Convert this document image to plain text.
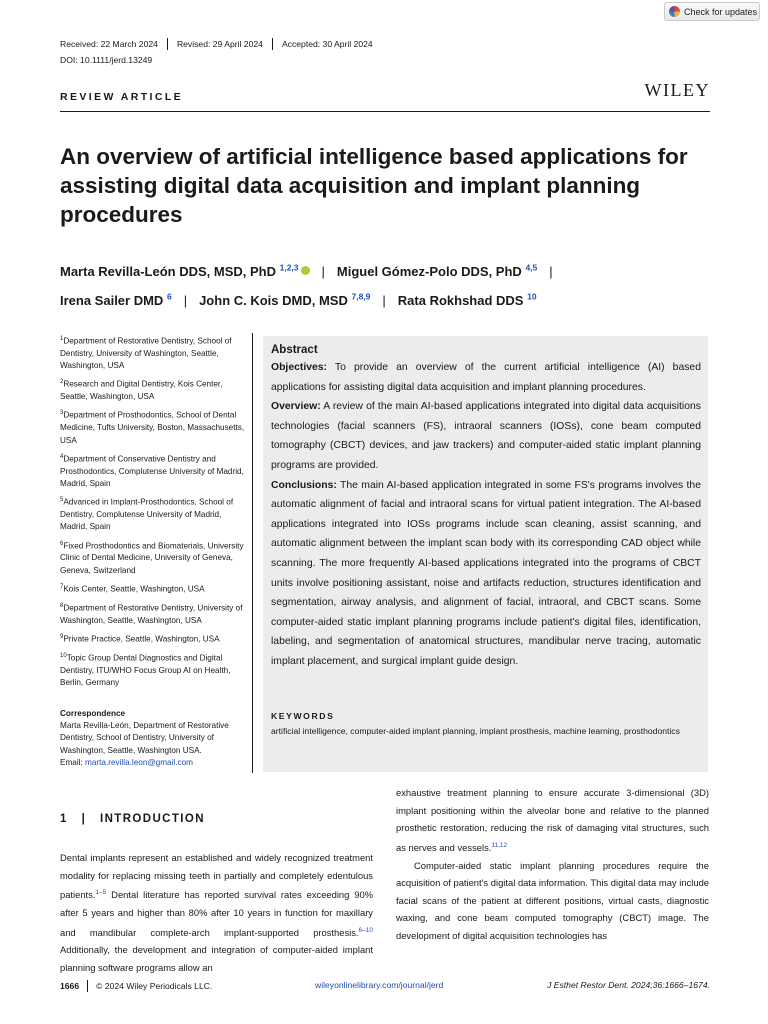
Check for updates
Received: 22 March 2024	Revised: 29 April 2024	Accepted: 30 April 2024
DOI: 10.1111/jerd.13249
REVIEW ARTICLE	WILEY
An overview of artificial intelligence based applications for assisting digital data acquisition and implant planning procedures
Marta Revilla-León DDS, MSD, PhD $^{1,2,3}$ | Miguel Gómez-Polo DDS, PhD $^{4,5}$ |
Irena Sailer DMD $^6$ | John C. Kois DMD, MSD $^{7,8,9}$ | Rata Rokhshad DDS $^{10}$

$^1$Department of Restorative Dentistry, School of Dentistry, University of Washington, Seattle, Washington, USA

$^2$Research and Digital Dentistry, Kois Center, Seattle, Washington, USA

$^3$Department of Prosthodontics, School of Dental Medicine, Tufts University, Boston, Massachusetts, USA

$^4$Department of Conservative Dentistry and Prosthodontics, Complutense University of Madrid, Madrid, Spain

$^5$Advanced in Implant-Prosthodontics, School of Dentistry, Complutense University of Madrid, Madrid, Spain

$^6$Fixed Prosthodontics and Biomaterials, University Clinic of Dental Medicine, University of Geneva, Geneva, Switzerland

$^7$Kois Center, Seattle, Washington, USA

$^8$Department of Restorative Dentistry, University of Washington, Seattle, Washington, USA

$^9$Private Practice, Seattle, Washington, USA

$^{10}$Topic Group Dental Diagnostics and Digital Dentistry, ITU/WHO Focus Group AI on Health, Berlin, Germany

Correspondence
Marta Revilla-León, Department of Restorative Dentistry, School of Dentistry, University of Washington, Seattle, Washington USA.
Email: marta.revilla.leon@gmail.com
Abstract

Objectives: To provide an overview of the current artificial intelligence (AI) based applications for assisting digital data acquisition and implant planning procedures.

Overview: A review of the main AI-based applications integrated into digital data acquisitions technologies (facial scanners (FS), intraoral scanners (IOSs), cone beam computed tomography (CBCT) devices, and jaw trackers) and computer-aided static implant planning programs are provided.

Conclusions: The main AI-based application integrated in some FS's programs involves the automatic alignment of facial and intraoral scans for virtual patient integration. The AI-based applications integrated into IOSs programs include scan cleaning, assist scanning, and automatic alignment between the implant scan body with its corresponding CAD object while scanning. The more frequently AI-based applications integrated into the programs of CBCT units involve positioning assistant, noise and artifacts reduction, structures identification and segmentation, airway analysis, and alignment of facial, intraoral, and CBCT scans. Some computer-aided static implant planning programs include patient's digital files, identification, labeling, and segmentation of anatomical structures, mandibular nerve tracing, automatic implant placement, and surgical implant guide design.

KEYWORDS
artificial intelligence, computer-aided implant planning, implant prosthesis, machine learning, prosthodontics
1   |   INTRODUCTION

Dental implants represent an established and widely recognized treatment modality for replacing missing teeth in partially and completely edentulous patients.$^{1-5}$ Dental literature has reported survival rates exceeding 90% after 5 years and higher than 80% after 10 years in function for maxillary and mandibular complete-arch implant-supported prosthesis.$^{6-10}$ Additionally, the development and integration of computer-aided implant planning software programs allow an

exhaustive treatment planning to ensure accurate 3-dimensional (3D) implant positioning within the alveolar bone and relative to the planned prosthetic restoration, reducing the risk of damaging vital structures, such as nerves and vessels.$^{11,12}$

Computer-aided static implant planning procedures require the acquisition of patient's digital data information. This digital data may include facial scans of the patient at different positions, virtual casts, diagnostic waxing, and cone beam computed tomography (CBCT) image. The development of digital acquisition technologies has

1666	© 2024 Wiley Periodicals LLC.	wileyonlinelibrary.com/journal/jerd	J Esthet Restor Dent. 2024;36:1666–1674.
